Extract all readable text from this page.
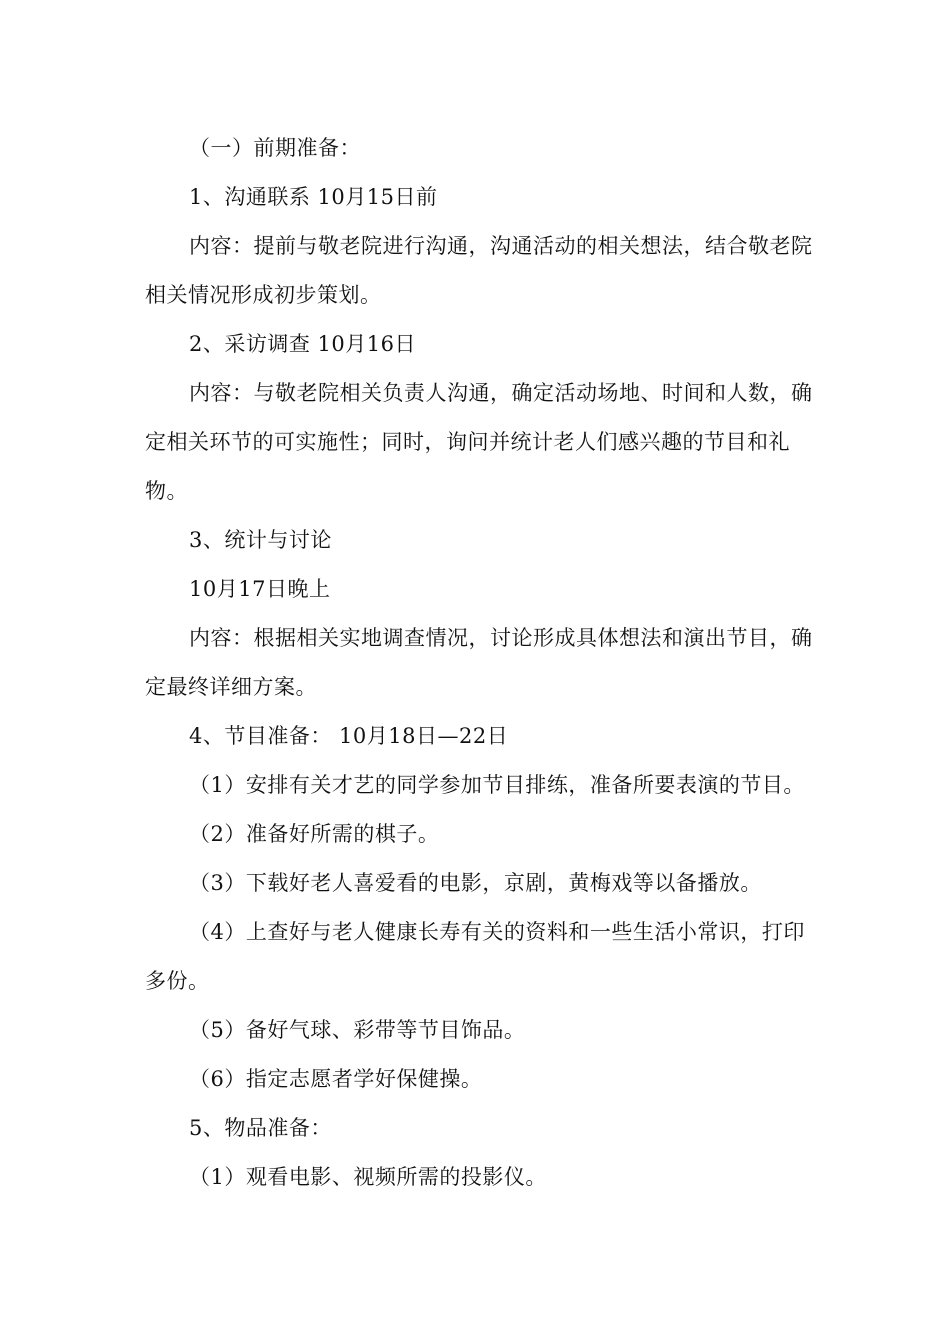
（一）前期准备：

1、沟通联系 10月15日前

内容：提前与敬老院进行沟通，沟通活动的相关想法，结合敬老院相关情况形成初步策划。

2、采访调查 10月16日

内容：与敬老院相关负责人沟通，确定活动场地、时间和人数，确定相关环节的可实施性；同时，询问并统计老人们感兴趣的节目和礼物。

3、统计与讨论

10月17日晚上

内容：根据相关实地调查情况，讨论形成具体想法和演出节目，确定最终详细方案。

4、节目准备： 10月18日—22日

（1）安排有关才艺的同学参加节目排练，准备所要表演的节目。

（2）准备好所需的棋子。

（3）下载好老人喜爱看的电影，京剧，黄梅戏等以备播放。

（4）上查好与老人健康长寿有关的资料和一些生活小常识，打印多份。

（5）备好气球、彩带等节目饰品。

（6）指定志愿者学好保健操。

5、物品准备：

（1）观看电影、视频所需的投影仪。
